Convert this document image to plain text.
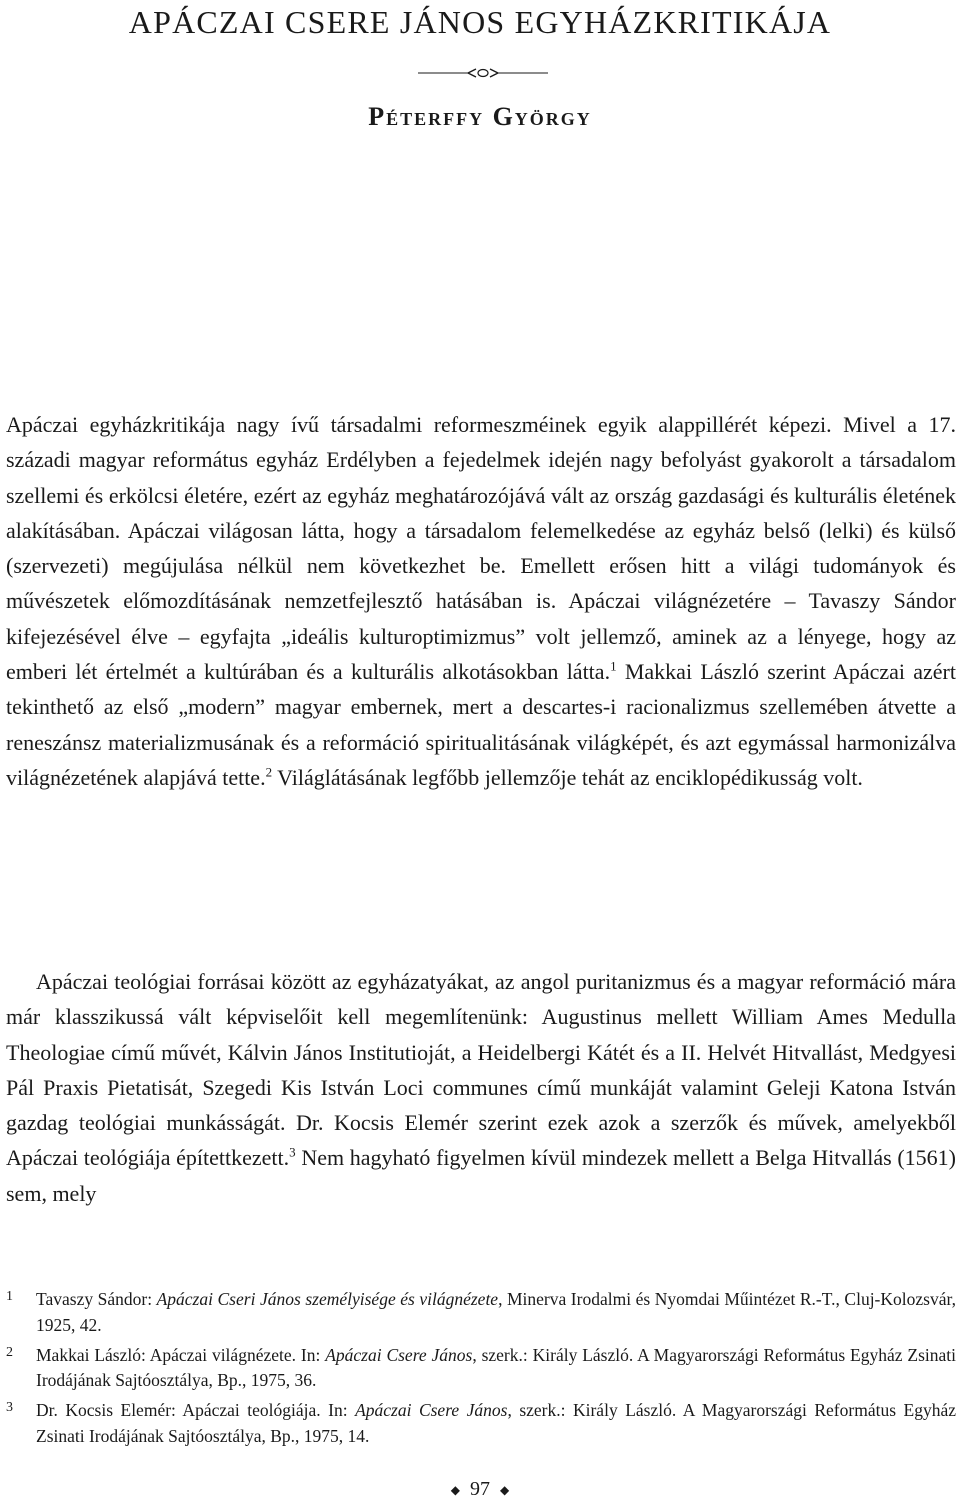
APÁCZAI CSERE JÁNOS EGYHÁZKRITIKÁJA
Péterffy György

Apáczai egyházkritikája nagy ívű társadalmi reformeszméinek egyik alappillérét képezi. Mivel a 17. századi magyar református egyház Erdélyben a fejedelmek idején nagy befolyást gyakorolt a társadalom szellemi és erkölcsi életére, ezért az egyház meghatározójává vált az ország gazdasági és kulturális életének alakításában. Apáczai világosan látta, hogy a társadalom felemelkedése az egyház belső (lelki) és külső (szervezeti) megújulása nélkül nem következhet be. Emellett erősen hitt a világi tudományok és művészetek előmozdításának nemzetfejlesztő hatásában is. Apáczai világnézetére – Tavaszy Sándor kifejezésével élve – egyfajta „ideális kulturoptimizmus” volt jellemző, aminek az a lényege, hogy az emberi lét értelmét a kultúrában és a kulturális alkotásokban látta.$^1$ Makkai László szerint Apáczai azért tekinthető az első „modern” magyar embernek, mert a descartes-i racionalizmus szellemében átvette a reneszánsz materializmusának és a reformáció spiritualitásának világképét, és azt egymással harmonizálva világnézetének alapjává tette.$^2$ Világlátásának legfőbb jellemzője tehát az enciklopédikusság volt.

Apáczai teológiai forrásai között az egyházatyákat, az angol puritanizmus és a magyar reformáció mára már klasszikussá vált képviselőit kell megemlítenünk: Augustinus mellett William Ames Medulla Theologiae című művét, Kálvin János Institutioját, a Heidelbergi Kátét és a II. Helvét Hitvallást, Medgyesi Pál Praxis Pietatisát, Szegedi Kis István Loci communes című munkáját valamint Geleji Katona István gazdag teológiai munkásságát. Dr. Kocsis Elemér szerint ezek azok a szerzők és művek, amelyekből Apáczai teológiája építettkezett.$^3$ Nem hagyható figyelmen kívül mindezek mellett a Belga Hitvallás (1561) sem, mely

1 Tavaszy Sándor: Apáczai Cseri János személyisége és világnézete, Minerva Irodalmi és Nyomdai Műintézet R.-T., Cluj-Kolozsvár, 1925, 42.

2 Makkai László: Apáczai világnézete. In: Apáczai Csere János, szerk.: Király László. A Magyarországi Református Egyház Zsinati Irodájának Sajtóosztálya, Bp., 1975, 36.

3 Dr. Kocsis Elemér: Apáczai teológiája. In: Apáczai Csere János, szerk.: Király László. A Magyarországi Református Egyház Zsinati Irodájának Sajtóosztálya, Bp., 1975, 14.

◆ 97 ◆
